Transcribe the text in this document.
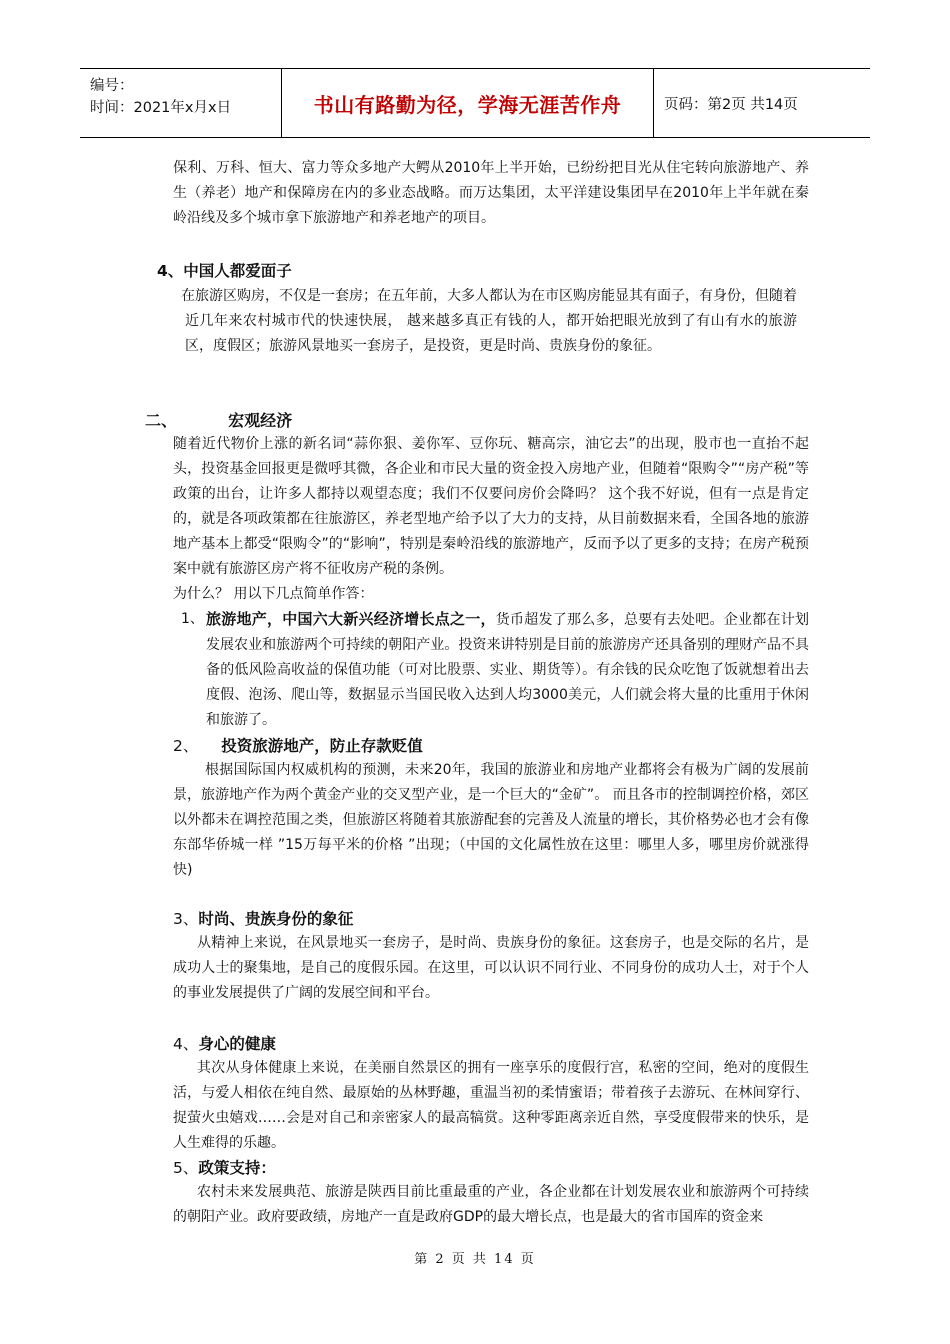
编号：
时间：2021年x月x日	书山有路勤为径，学海无涯苦作舟	页码：第2页 共14页

保利、万科、恒大、富力等众多地产大鳄从2010年上半开始，已纷纷把目光从住宅转向旅游地产、养生（养老）地产和保障房在内的多业态战略。而万达集团，太平洋建设集团早在2010年上半年就在秦岭沿线及多个城市拿下旅游地产和养老地产的项目。

4、中国人都爱面子

在旅游区购房，不仅是一套房；在五年前，大多人都认为在市区购房能显其有面子，有身份，但随着近几年来农村城市代的快速快展， 越来越多真正有钱的人，都开始把眼光放到了有山有水的旅游区，度假区；旅游风景地买一套房子，是投资，更是时尚、贵族身份的象征。

二、	宏观经济

随着近代物价上涨的新名词“蒜你狠、姜你军、豆你玩、糖高宗，油它去”的出现，股市也一直抬不起头，投资基金回报更是微呼其微，各企业和市民大量的资金投入房地产业，但随着“限购令”“房产税”等政策的出台，让许多人都持以观望态度；我们不仅要问房价会降吗？ 这个我不好说，但有一点是肯定的，就是各项政策都在往旅游区，养老型地产给予以了大力的支持，从目前数据来看，全国各地的旅游地产基本上都受“限购令”的“影响”，特别是秦岭沿线的旅游地产，反而予以了更多的支持；在房产税预案中就有旅游区房产将不征收房产税的条例。

为什么？ 用以下几点简单作答：

1、 旅游地产，中国六大新兴经济增长点之一，货币超发了那么多，总要有去处吧。企业都在计划发展农业和旅游两个可持续的朝阳产业。投资来讲特别是目前的旅游房产还具备别的理财产品不具备的低风险高收益的保值功能（可对比股票、实业、期货等）。有余钱的民众吃饱了饭就想着出去度假、泡汤、爬山等，数据显示当国民收入达到人均3000美元，人们就会将大量的比重用于休闲和旅游了。

2、 投资旅游地产，防止存款贬值

根据国际国内权威机构的预测，未来20年，我国的旅游业和房地产业都将会有极为广阔的发展前景，旅游地产作为两个黄金产业的交叉型产业，是一个巨大的“金矿”。 而且各市的控制调控价格，郊区以外都未在调控范围之类，但旅游区将随着其旅游配套的完善及人流量的增长，其价格势必也才会有像东部华侨城一样 ”15万每平米的价格 ”出现；（中国的文化属性放在这里：哪里人多，哪里房价就涨得快)

3、时尚、贵族身份的象征

从精神上来说，在风景地买一套房子，是时尚、贵族身份的象征。这套房子，也是交际的名片，是成功人士的聚集地，是自己的度假乐园。在这里，可以认识不同行业、不同身份的成功人士，对于个人的事业发展提供了广阔的发展空间和平台。

4、身心的健康

其次从身体健康上来说，在美丽自然景区的拥有一座享乐的度假行宫，私密的空间，绝对的度假生活，与爱人相依在纯自然、最原始的丛林野趣，重温当初的柔情蜜语；带着孩子去游玩、在林间穿行、捉萤火虫嬉戏……会是对自己和亲密家人的最高犒赏。这种零距离亲近自然，享受度假带来的快乐，是人生难得的乐趣。

5、政策支持：

农村未来发展典范、旅游是陕西目前比重最重的产业，各企业都在计划发展农业和旅游两个可持续的朝阳产业。政府要政绩，房地产一直是政府GDP的最大增长点，也是最大的省市国库的资金来

第 2 页 共 14 页
